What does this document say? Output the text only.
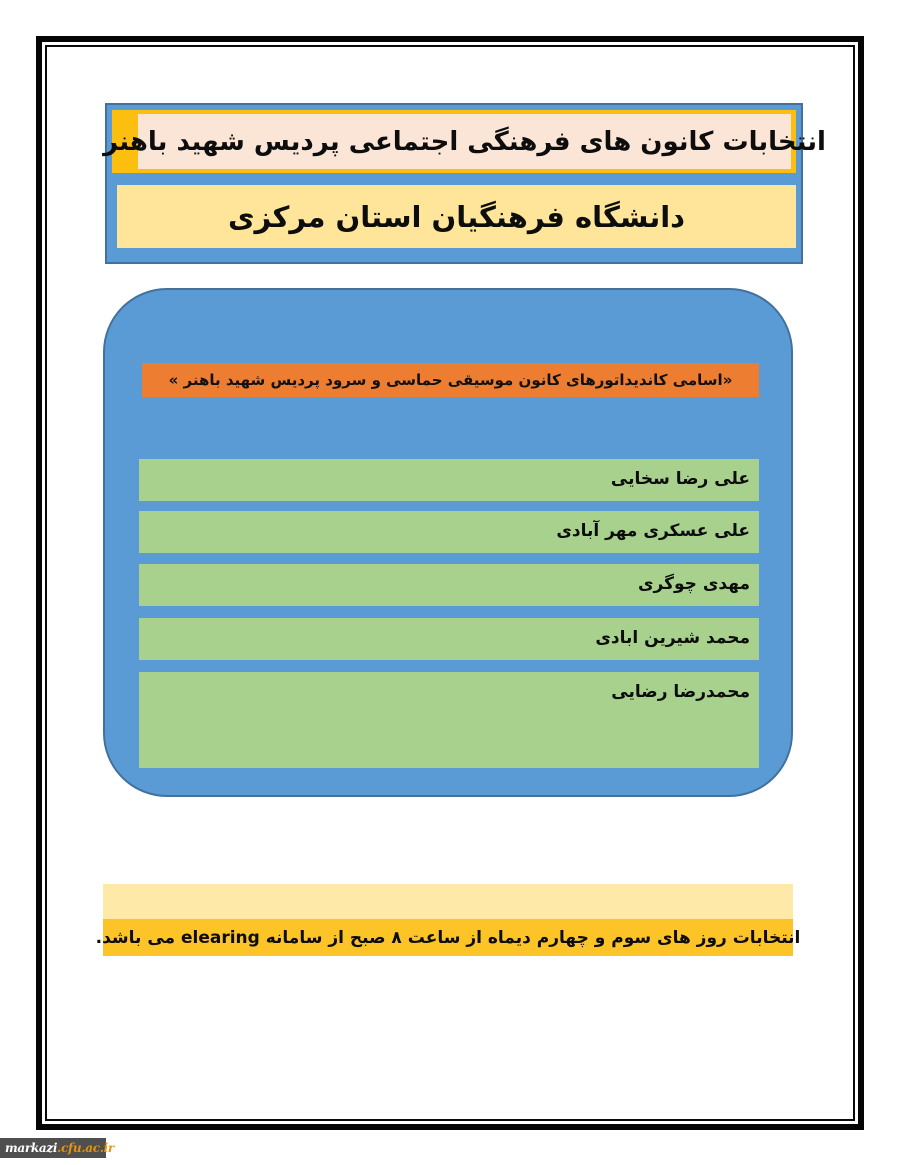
انتخابات کانون های فرهنگی اجتماعی پردیس شهید باهنر
دانشگاه فرهنگیان استان مرکزی
«اسامی کاندیداتورهای کانون موسیقی حماسی و سرود پردیس شهید باهنر »
علی رضا سخایی
علی عسکری مهر آبادی
مهدی چوگری
محمد شیرین ابادی
محمدرضا رضایی
انتخابات روز های سوم و چهارم دیماه از ساعت ۸ صبح از سامانه elearing می باشد.
markazi .cfu.ac.ir
